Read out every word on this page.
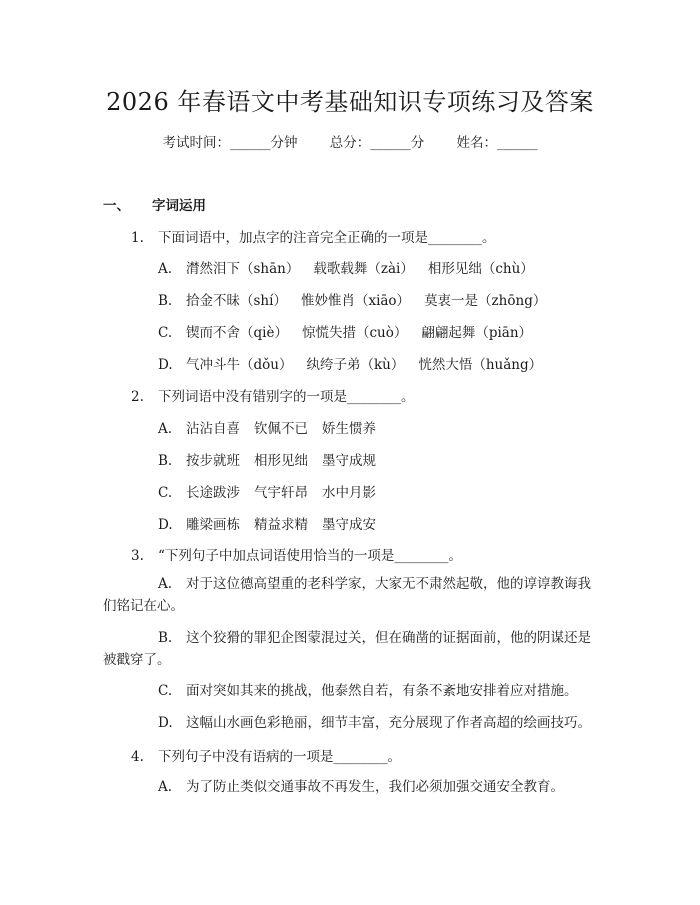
2026 年春语文中考基础知识专项练习及答案
考试时间：______分钟 总分：______分 姓名：______
一、 字词运用
1. 下面词语中，加点字的注音完全正确的一项是________。
A. 潸然泪下（shān） 载歌载舞（zài） 相形见绌（chù）
B. 拾金不昧（shí） 惟妙惟肖（xiāo） 莫衷一是（zhōng）
C. 锲而不舍（qiè） 惊慌失措（cuò） 翩翩起舞（piān）
D. 气冲斗牛（dǒu） 纨绔子弟（kù） 恍然大悟（huǎng）
2. 下列词语中没有错别字的一项是________。
A. 沾沾自喜 钦佩不已 娇生惯养
B. 按步就班 相形见绌 墨守成规
C. 长途跋涉 气宇轩昂 水中月影
D. 雕梁画栋 精益求精 墨守成安
3. “下列句子中加点词语使用恰当的一项是________。
A. 对于这位德高望重的老科学家，大家无不肃然起敬，他的谆谆教诲我
们铭记在心。
B. 这个狡猾的罪犯企图蒙混过关，但在确凿的证据面前，他的阴谋还是
被戳穿了。
C. 面对突如其来的挑战，他泰然自若，有条不紊地安排着应对措施。
D. 这幅山水画色彩艳丽，细节丰富，充分展现了作者高超的绘画技巧。
4. 下列句子中没有语病的一项是________。
A. 为了防止类似交通事故不再发生，我们必须加强交通安全教育。
